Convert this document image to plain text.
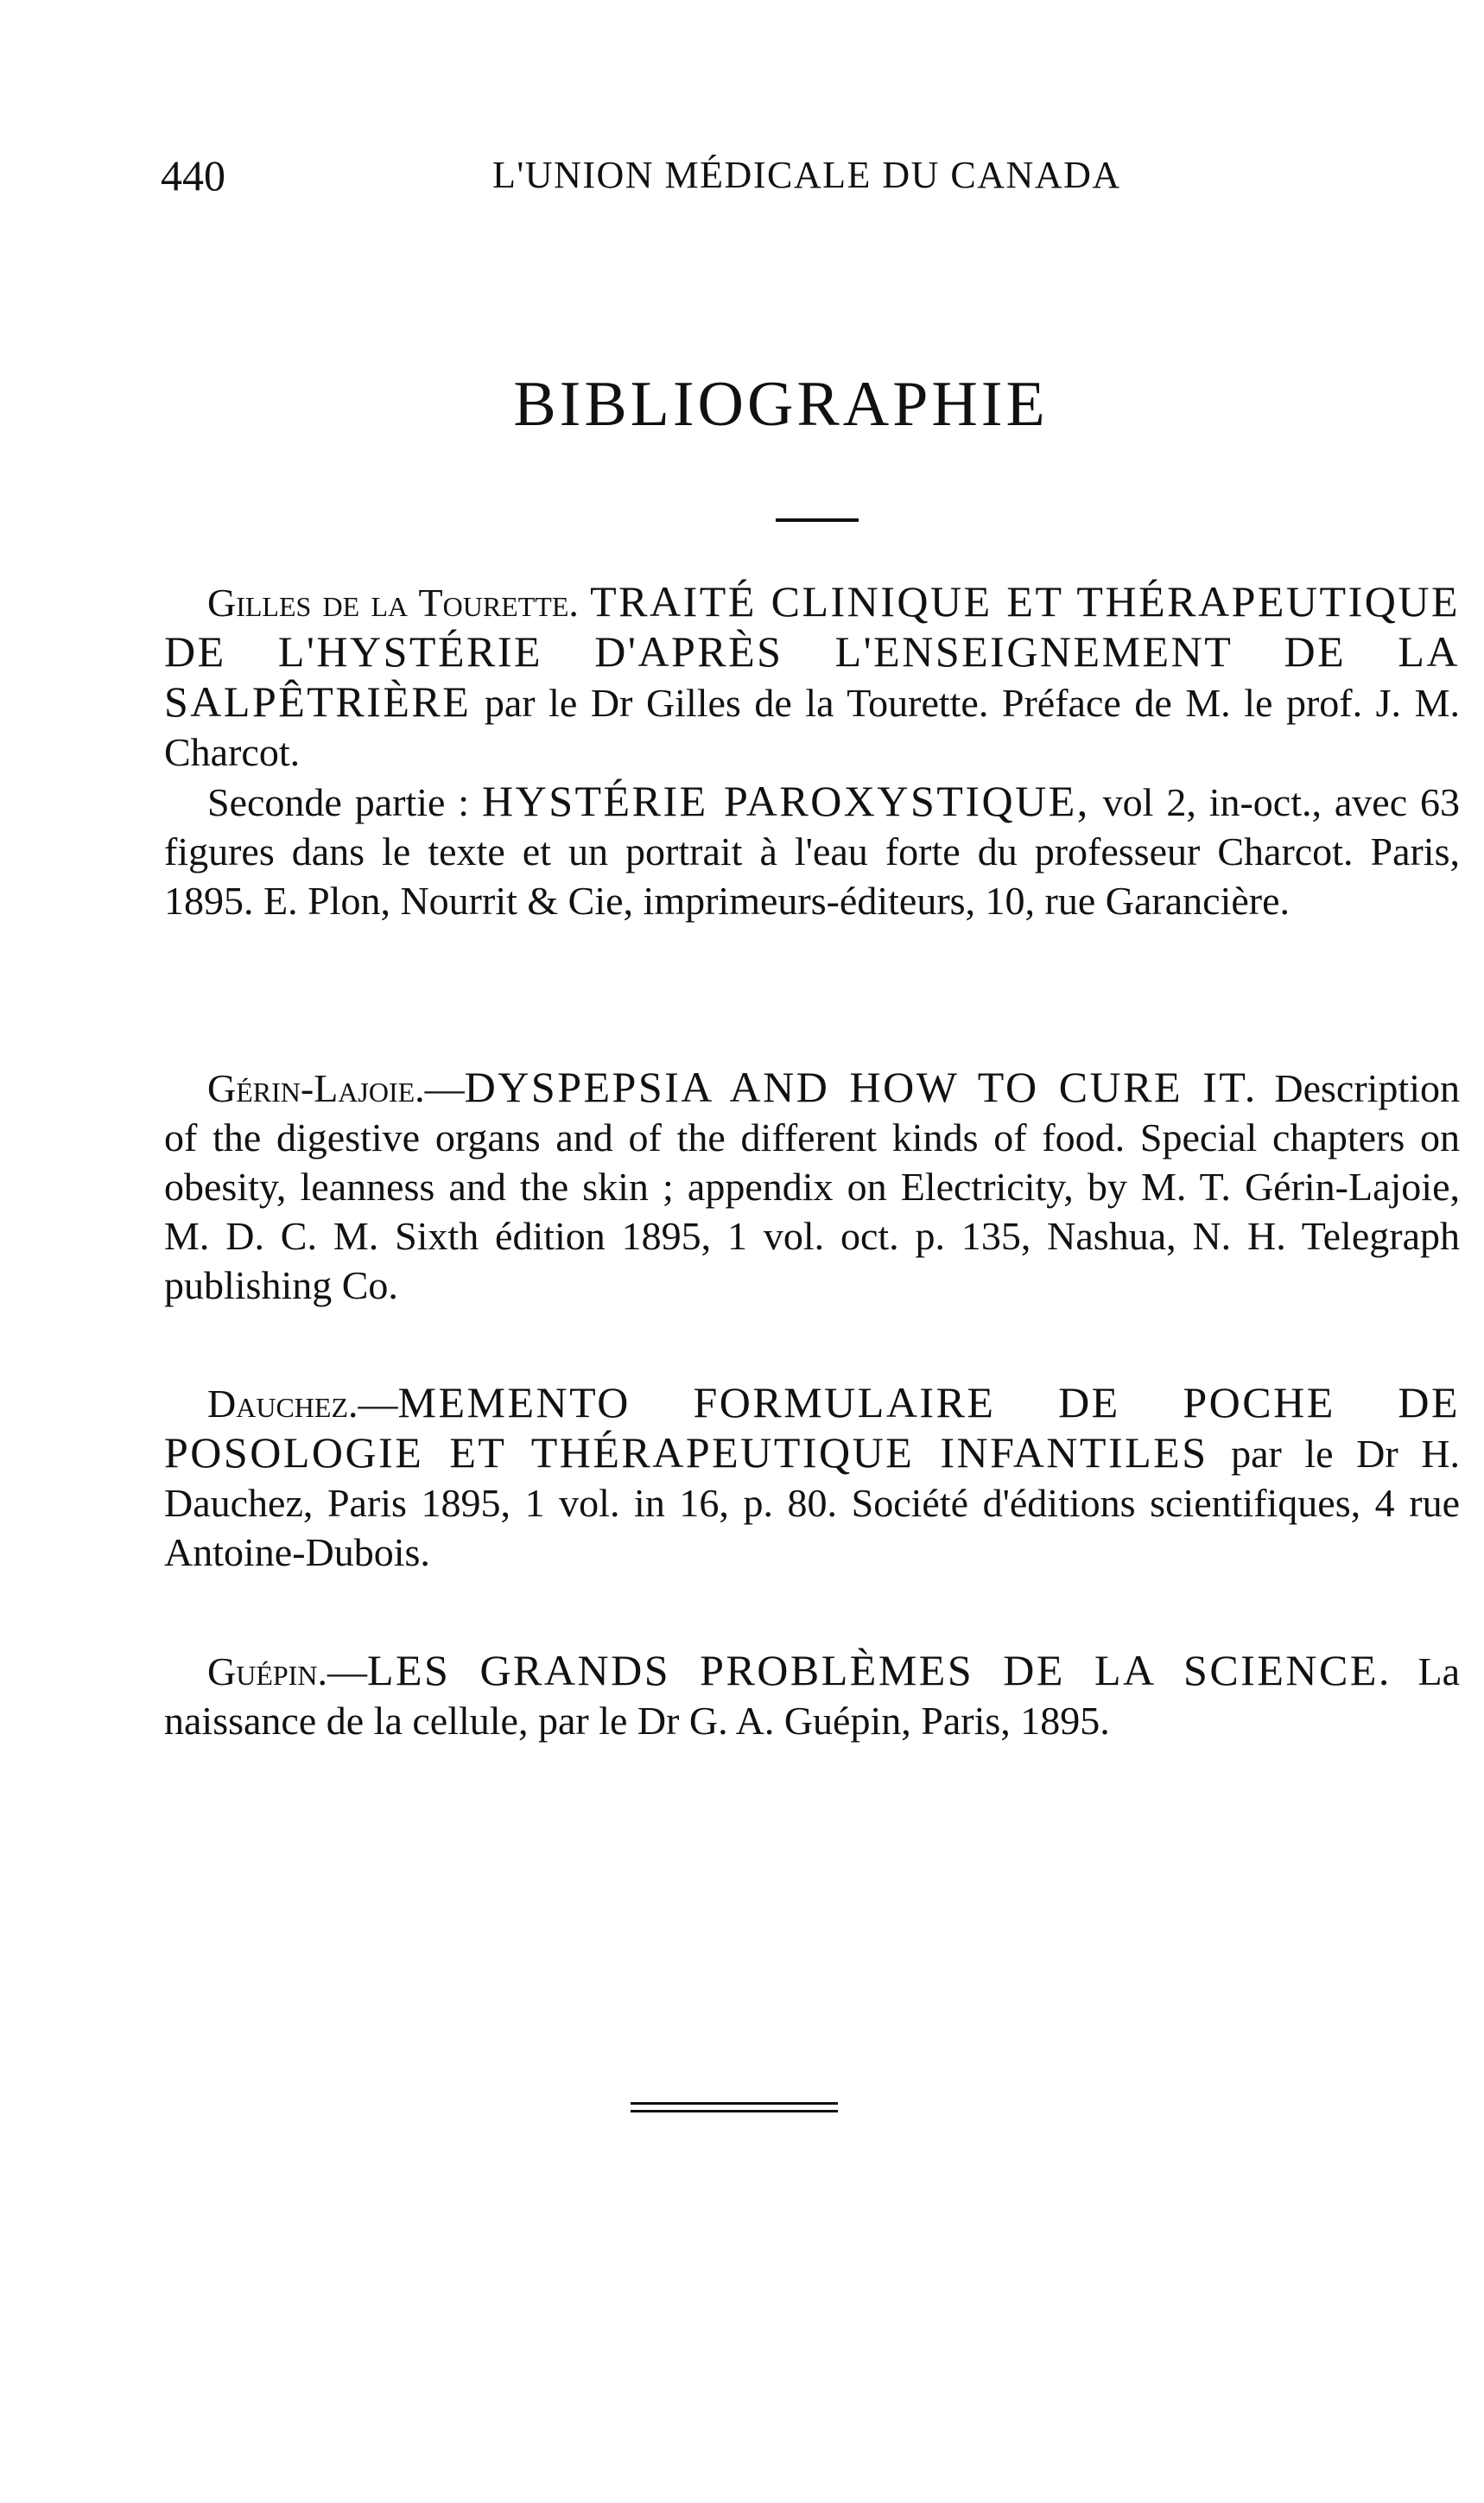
440	L'UNION MÉDICALE DU CANADA
BIBLIOGRAPHIE

Gilles de la Tourette. TRAITÉ CLINIQUE ET THÉRAPEUTIQUE DE L'HYSTÉRIE D'APRÈS L'ENSEIGNEMENT DE LA SALPÊTRIÈRE par le Dr Gilles de la Tourette. Préface de M. le prof. J. M. Charcot.

Seconde partie : HYSTÉRIE PAROXYSTIQUE, vol 2, in-oct., avec 63 figures dans le texte et un portrait à l'eau forte du professeur Charcot. Paris, 1895. E. Plon, Nourrit & Cie, imprimeurs-éditeurs, 10, rue Garancière.

Gérin-Lajoie.—DYSPEPSIA AND HOW TO CURE IT. Description of the digestive organs and of the different kinds of food. Special chapters on obesity, leanness and the skin ; appendix on Electricity, by M. T. Gérin-Lajoie, M. D. C. M. Sixth édition 1895, 1 vol. oct. p. 135, Nashua, N. H. Telegraph publishing Co.

Dauchez.—MEMENTO FORMULAIRE DE POCHE DE POSOLOGIE ET THÉRAPEUTIQUE INFANTILES par le Dr H. Dauchez, Paris 1895, 1 vol. in 16, p. 80. Société d'éditions scientifiques, 4 rue Antoine-Dubois.

Guépin.—LES GRANDS PROBLÈMES DE LA SCIENCE. La naissance de la cellule, par le Dr G. A. Guépin, Paris, 1895.
